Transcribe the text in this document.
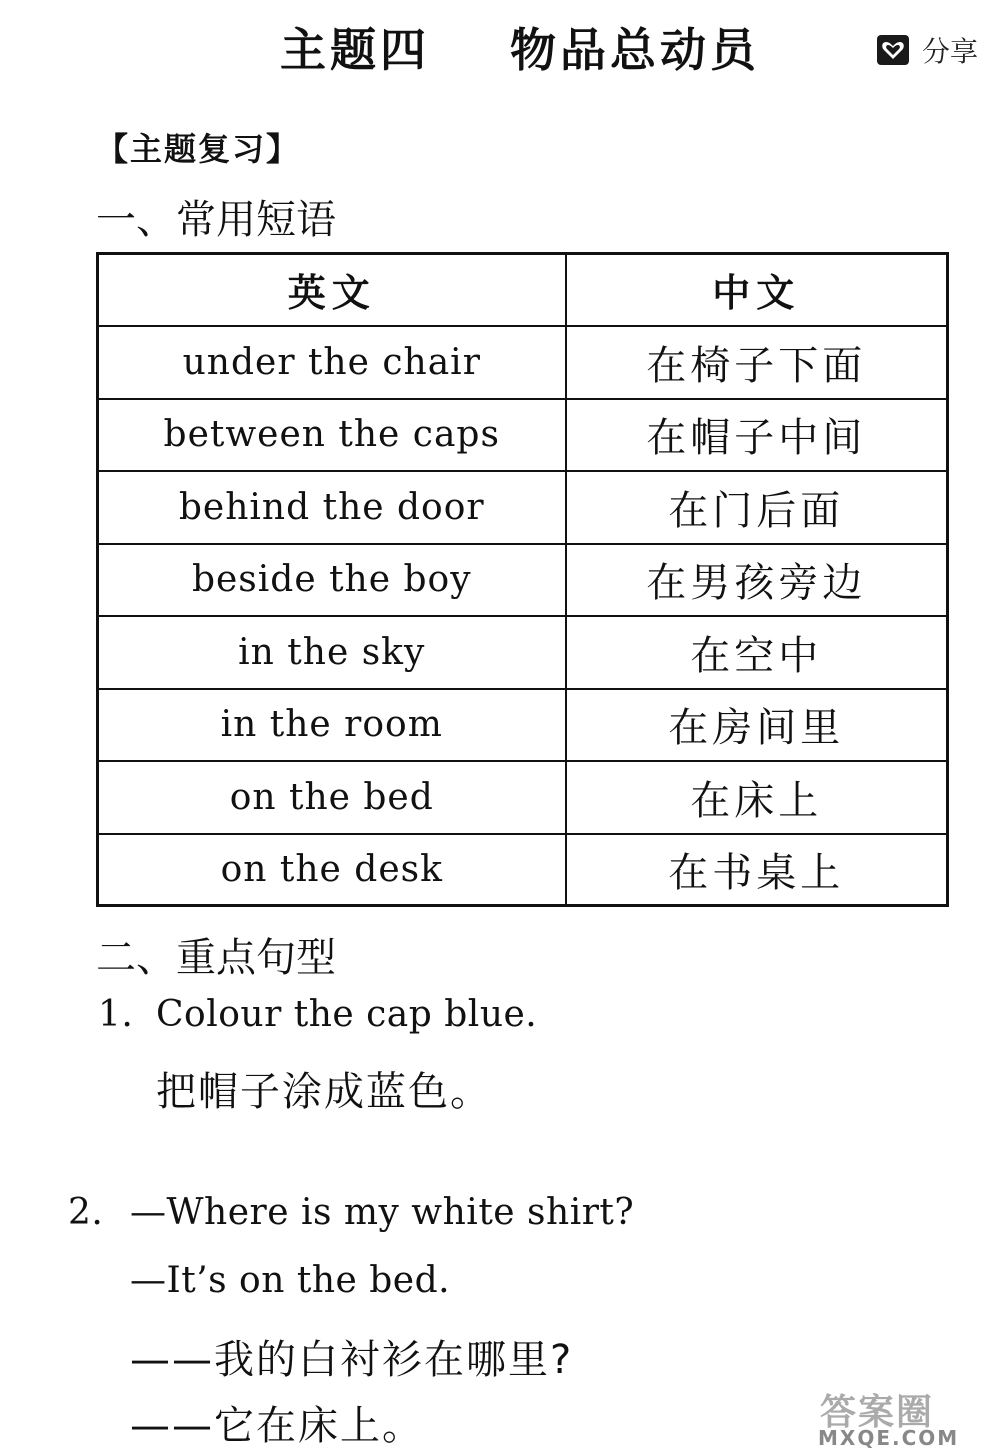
主题四    物品总动员	分享
【主题复习】
一、常用短语
英文	中文
under the chair	在椅子下面
between the caps	在帽子中间
behind the door	在门后面
beside the boy	在男孩旁边
in the sky	在空中
in the room	在房间里
on the bed	在床上
on the desk	在书桌上
二、重点句型
1. Colour the cap blue.
把帽子涂成蓝色。
2. —Where is my white shirt?
—It’s on the bed.
——我的白衬衫在哪里?
——它在床上。	答案圈
MXQE.COM
